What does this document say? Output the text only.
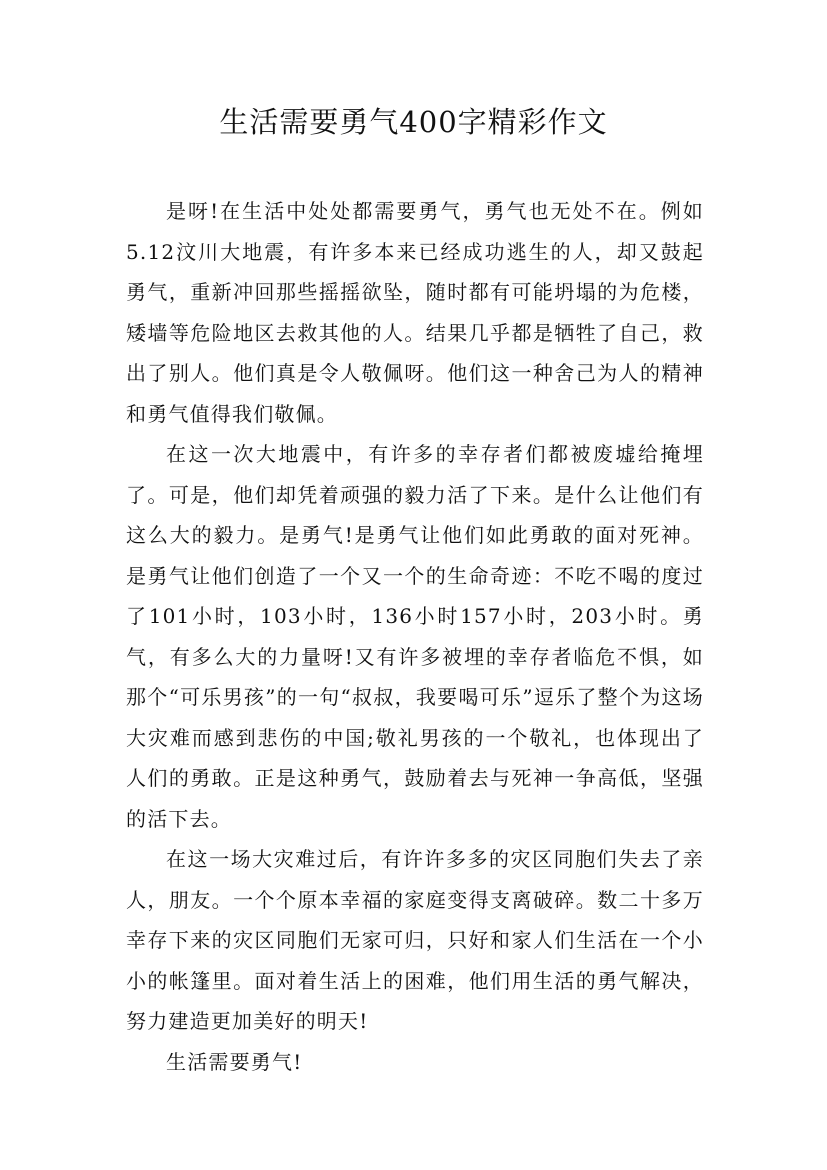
生活需要勇气400字精彩作文

是呀!在生活中处处都需要勇气，勇气也无处不在。例如5.12汶川大地震，有许多本来已经成功逃生的人，却又鼓起勇气，重新冲回那些摇摇欲坠，随时都有可能坍塌的为危楼，矮墙等危险地区去救其他的人。结果几乎都是牺牲了自己，救出了别人。他们真是令人敬佩呀。他们这一种舍己为人的精神和勇气值得我们敬佩。

在这一次大地震中，有许多的幸存者们都被废墟给掩埋了。可是，他们却凭着顽强的毅力活了下来。是什么让他们有这么大的毅力。是勇气!是勇气让他们如此勇敢的面对死神。是勇气让他们创造了一个又一个的生命奇迹：不吃不喝的度过了101小时，103小时，136小时157小时，203小时。勇气，有多么大的力量呀!又有许多被埋的幸存者临危不惧，如那个“可乐男孩”的一句“叔叔，我要喝可乐”逗乐了整个为这场大灾难而感到悲伤的中国;敬礼男孩的一个敬礼，也体现出了人们的勇敢。正是这种勇气，鼓励着去与死神一争高低，坚强的活下去。

在这一场大灾难过后，有许许多多的灾区同胞们失去了亲人，朋友。一个个原本幸福的家庭变得支离破碎。数二十多万幸存下来的灾区同胞们无家可归，只好和家人们生活在一个小小的帐篷里。面对着生活上的困难，他们用生活的勇气解决，努力建造更加美好的明天!

生活需要勇气!
